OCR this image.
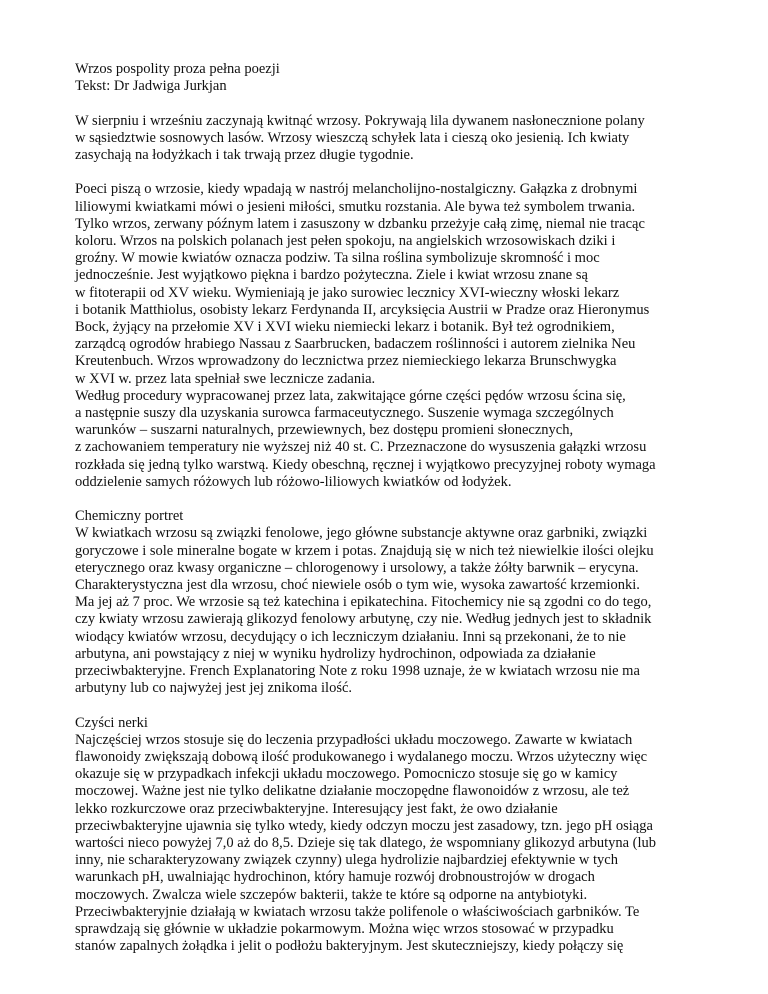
Wrzos pospolity proza pełna poezji
Tekst: Dr Jadwiga Jurkjan
W sierpniu i wrześniu zaczynają kwitnąć wrzosy. Pokrywają lila dywanem nasłonecznione polany
w sąsiedztwie sosnowych lasów. Wrzosy wieszczą schyłek lata i cieszą oko jesienią. Ich kwiaty
zasychają na łodyżkach i tak trwają przez długie tygodnie.
Poeci piszą o wrzosie, kiedy wpadają w nastrój melancholijno-nostalgiczny. Gałązka z drobnymi
liliowymi kwiatkami mówi o jesieni miłości, smutku rozstania. Ale bywa też symbolem trwania.
Tylko wrzos, zerwany późnym latem i zasuszony w dzbanku przeżyje całą zimę, niemal nie tracąc
koloru. Wrzos na polskich polanach jest pełen spokoju, na angielskich wrzosowiskach dziki i
groźny. W mowie kwiatów oznacza podziw. Ta silna roślina symbolizuje skromność i moc
jednocześnie. Jest wyjątkowo piękna i bardzo pożyteczna. Ziele i kwiat wrzosu znane są
w fitoterapii od XV wieku. Wymieniają je jako surowiec lecznicy XVI-wieczny włoski lekarz
i botanik Matthiolus, osobisty lekarz Ferdynanda II, arcyksięcia Austrii w Pradze oraz Hieronymus
Bock, żyjący na przełomie XV i XVI wieku niemiecki lekarz i botanik. Był też ogrodnikiem,
zarządcą ogrodów hrabiego Nassau z Saarbrucken, badaczem roślinności i autorem zielnika Neu
Kreutenbuch. Wrzos wprowadzony do lecznictwa przez niemieckiego lekarza Brunschwygka
w XVI w. przez lata spełniał swe lecznicze zadania.
Według procedury wypracowanej przez lata, zakwitające górne części pędów wrzosu ścina się,
a następnie suszy dla uzyskania surowca farmaceutycznego. Suszenie wymaga szczególnych
warunków – suszarni naturalnych, przewiewnych, bez dostępu promieni słonecznych,
z zachowaniem temperatury nie wyższej niż 40 st. C. Przeznaczone do wysuszenia gałązki wrzosu
rozkłada się jedną tylko warstwą. Kiedy obeschną, ręcznej i wyjątkowo precyzyjnej roboty wymaga
oddzielenie samych różowych lub różowo-liliowych kwiatków od łodyżek.
Chemiczny portret
W kwiatkach wrzosu są związki fenolowe, jego główne substancje aktywne oraz garbniki, związki
goryczowe i sole mineralne bogate w krzem i potas. Znajdują się w nich też niewielkie ilości olejku
eterycznego oraz kwasy organiczne – chlorogenowy i ursolowy, a także żółty barwnik – erycyna.
Charakterystyczna jest dla wrzosu, choć niewiele osób o tym wie, wysoka zawartość krzemionki.
Ma jej aż 7 proc. We wrzosie są też katechina i epikatechina. Fitochemicy nie są zgodni co do tego,
czy kwiaty wrzosu zawierają glikozyd fenolowy arbutynę, czy nie. Według jednych jest to składnik
wiodący kwiatów wrzosu, decydujący o ich leczniczym działaniu. Inni są przekonani, że to nie
arbutyna, ani powstający z niej w wyniku hydrolizy hydrochinon, odpowiada za działanie
przeciwbakteryjne. French Explanatoring Note z roku 1998 uznaje, że w kwiatach wrzosu nie ma
arbutyny lub co najwyżej jest jej znikoma ilość.
Czyści nerki
Najczęściej wrzos stosuje się do leczenia przypadłości układu moczowego. Zawarte w kwiatach
flawonoidy zwiększają dobową ilość produkowanego i wydalanego moczu. Wrzos użyteczny więc
okazuje się w przypadkach infekcji układu moczowego. Pomocniczo stosuje się go w kamicy
moczowej. Ważne jest nie tylko delikatne działanie moczopędne flawonoidów z wrzosu, ale też
lekko rozkurczowe oraz przeciwbakteryjne. Interesujący jest fakt, że owo działanie
przeciwbakteryjne ujawnia się tylko wtedy, kiedy odczyn moczu jest zasadowy, tzn. jego pH osiąga
wartości nieco powyżej 7,0 aż do 8,5. Dzieje się tak dlatego, że wspomniany glikozyd arbutyna (lub
inny, nie scharakteryzowany związek czynny) ulega hydrolizie najbardziej efektywnie w tych
warunkach pH, uwalniając hydrochinon, który hamuje rozwój drobnoustrojów w drogach
moczowych. Zwalcza wiele szczepów bakterii, także te które są odporne na antybiotyki.
Przeciwbakteryjnie działają w kwiatach wrzosu także polifenole o właściwościach garbników. Te
sprawdzają się głównie w układzie pokarmowym. Można więc wrzos stosować w przypadku
stanów zapalnych żołądka i jelit o podłożu bakteryjnym. Jest skuteczniejszy, kiedy połączy się
